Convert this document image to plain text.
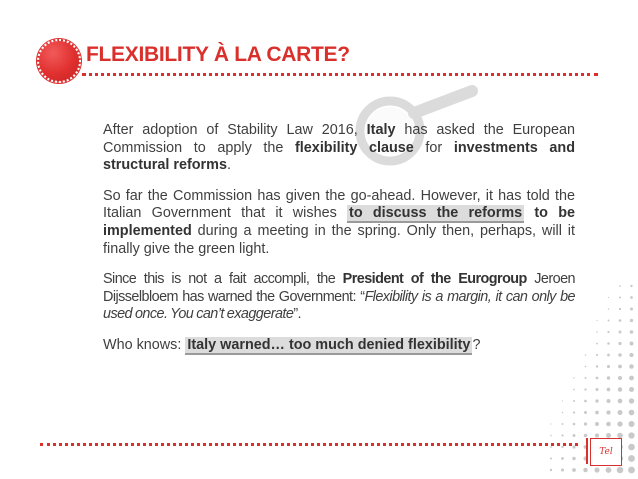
FLEXIBILITY À LA CARTE?

After adoption of Stability Law 2016, Italy has asked the European Commission to apply the flexibility clause for investments and structural reforms.

So far the Commission has given the go-ahead. However, it has told the Italian Government that it wishes to discuss the reforms to be implemented during a meeting in the spring. Only then, perhaps, will it finally give the green light.

Since this is not a fait accompli, the President of the Eurogroup Jeroen Dijsselbloem has warned the Government: “Flexibility is a margin, it can only be used once. You can’t exaggerate”.

Who knows: Italy warned… too much denied flexibility ?

Tel
